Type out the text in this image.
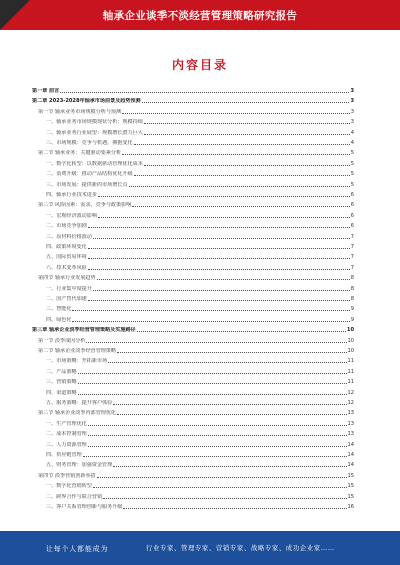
轴承企业谈季不淡经营管理策略研究报告
内容目录
第一章 前言	3
第二章 2023-2028年轴承市场前景及趋势预测	3
第一节 轴承业务市场规模分析与预测	3
一、轴承业务市场规模现状分析：规模持续	3
二、轴承业务行业展望：规模增长潜力巨大	4
三、市场规模：竞争与机遇，拥抱变化	4
第二节 轴承业务：关键驱动要素分析	5
一、数字化转型：以数据驱动管理优化成本	5
二、消费升级：推动产品结构优化升级	5
三、市场发展：提供新的市场增长点	5
四、轴承行业技术进步	6
第三节 风险因素：需求、竞争与政策影响	6
一、宏观经济波动影响	6
二、市场竞争加剧	6
三、原材料价格波动	7
四、政策环境变化	7
五、国际贸易环境	7
六、技术变革风险	7
第四节 轴承行业发展趋势	8
一、行业集中度提升	8
二、国产替代加速	8
三、智能化	9
四、绿色化	9
第三章 轴承企业淡季经营管理策略及实施路径	10
第一节 淡季成因分析	10
第二节 轴承企业淡季经营管理策略	10
一、市场策略：开拓新市场	11
二、产品策略	11
三、营销策略	11
四、渠道策略	12
五、服务策略：提升客户体验	12
第三节 轴承企业淡季内部管理优化	13
一、生产管理优化	13
二、成本控制管理	13
三、人力资源管理	14
四、供应链管理	14
五、财务管理：加强资金管理	14
第四节 淡季营销创新举措	15
一、数字化营销转型	15
二、跨界合作与联合营销	15
三、客户关系管理创新与服务升级	16
让每个人都能成为	行业专家、管理专家、营销专家、战略专家、成功企业家……
